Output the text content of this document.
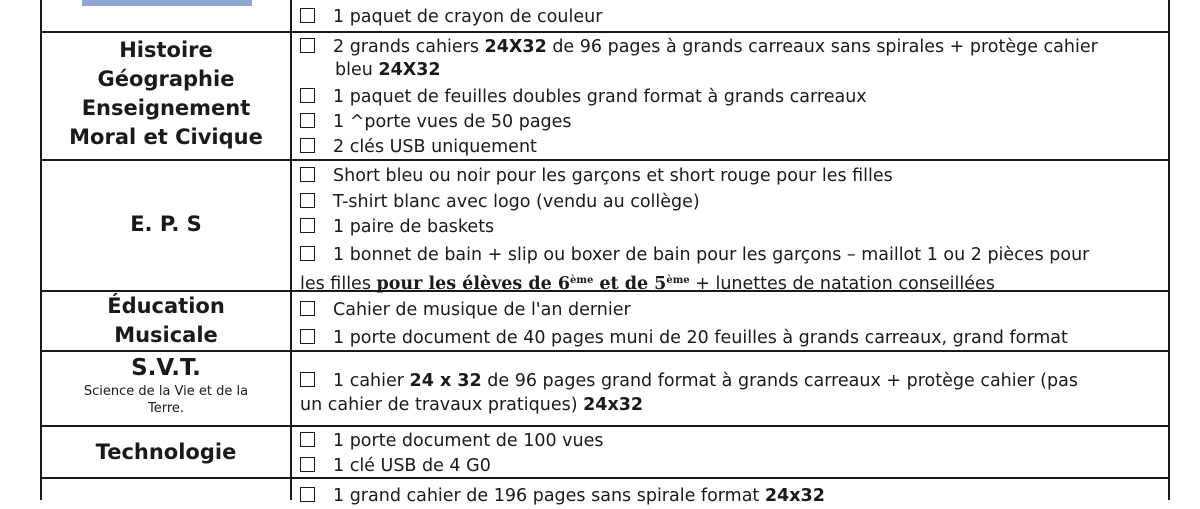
1 paquet de crayon de couleur
Histoire
Géographie
Enseignement
Moral et Civique
2 grands cahiers 24X32 de 96 pages à grands carreaux sans spirales + protège cahier
bleu 24X32
1 paquet de feuilles doubles grand format à grands carreaux
1 ^porte vues de 50 pages
2 clés USB uniquement
E. P. S
Short bleu ou noir pour les garçons et short rouge pour les filles
T-shirt blanc avec logo (vendu au collège)
1 paire de baskets
1 bonnet de bain + slip ou boxer de bain pour les garçons – maillot 1 ou 2 pièces pour
les filles pour les élèves de 6ème et de 5ème + lunettes de natation conseillées
Éducation
Musicale
Cahier de musique de l'an dernier
1 porte document de 40 pages muni de 20 feuilles à grands carreaux, grand format
S.V.T.
Science de la Vie et de la
Terre.
1 cahier 24 x 32 de 96 pages grand format à grands carreaux + protège cahier (pas
un cahier de travaux pratiques) 24x32
Technologie	1 porte document de 100 vues
1 clé USB de 4 G0
1 grand cahier de 196 pages sans spirale format 24x32
